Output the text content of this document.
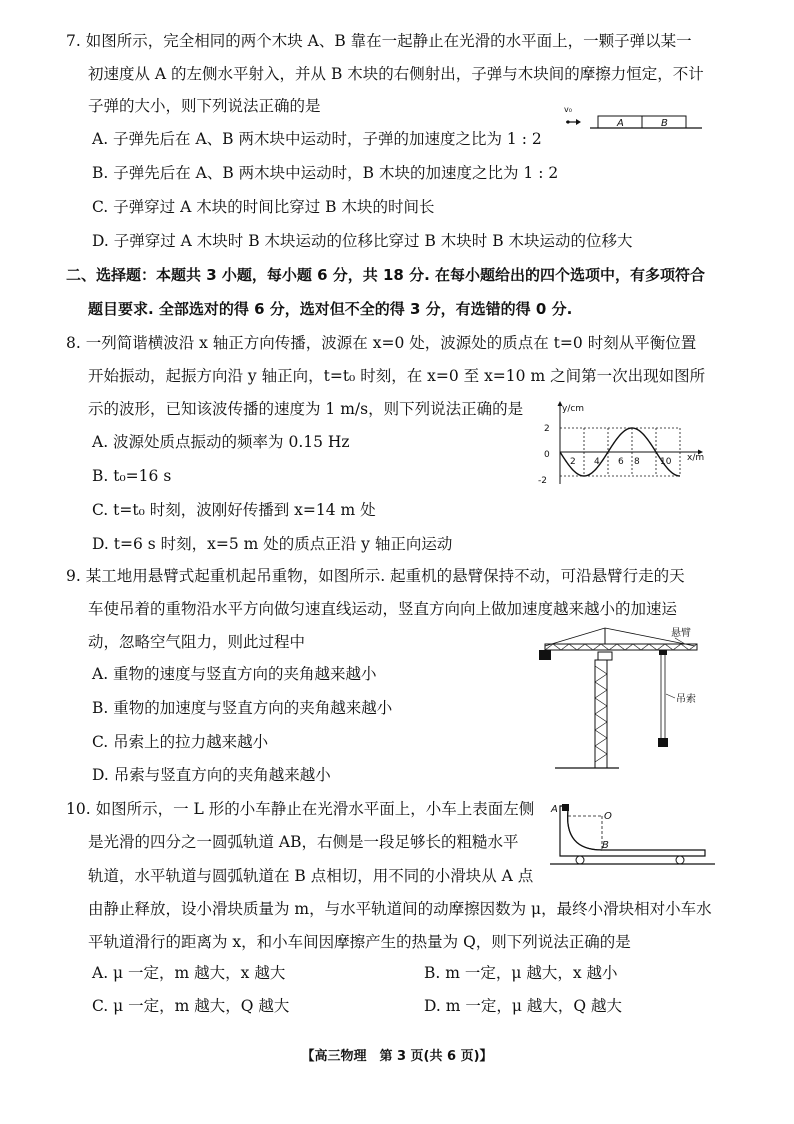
7. 如图所示，完全相同的两个木块 A、B 靠在一起静止在光滑的水平面上，一颗子弹以某一
初速度从 A 的左侧水平射入，并从 B 木块的右侧射出，子弹与木块间的摩擦力恒定，不计
子弹的大小，则下列说法正确的是
A. 子弹先后在 A、B 两木块中运动时，子弹的加速度之比为 1 : 2
B. 子弹先后在 A、B 两木块中运动时，B 木块的加速度之比为 1 : 2
C. 子弹穿过 A 木块的时间比穿过 B 木块的时间长
D. 子弹穿过 A 木块时 B 木块运动的位移比穿过 B 木块时 B 木块运动的位移大
v₀
A	B
二、选择题：本题共 3 小题，每小题 6 分，共 18 分. 在每小题给出的四个选项中，有多项符合
题目要求. 全部选对的得 6 分，选对但不全的得 3 分，有选错的得 0 分.
8. 一列简谐横波沿 x 轴正方向传播，波源在 x=0 处，波源处的质点在 t=0 时刻从平衡位置
开始振动，起振方向沿 y 轴正向，t=t₀ 时刻，在 x=0 至 x=10 m 之间第一次出现如图所
示的波形，已知该波传播的速度为 1 m/s，则下列说法正确的是
A. 波源处质点振动的频率为 0.15 Hz
B. t₀=16 s
C. t=t₀ 时刻，波刚好传播到 x=14 m 处
D. t=6 s 时刻，x=5 m 处的质点正沿 y 轴正向运动
y/cm
x/m
2
0
-2
2 4 6 8 10
9. 某工地用悬臂式起重机起吊重物，如图所示. 起重机的悬臂保持不动，可沿悬臂行走的天
车使吊着的重物沿水平方向做匀速直线运动，竖直方向向上做加速度越来越小的加速运
动，忽略空气阻力，则此过程中
A. 重物的速度与竖直方向的夹角越来越小
B. 重物的加速度与竖直方向的夹角越来越小
C. 吊索上的拉力越来越小
D. 吊索与竖直方向的夹角越来越小
悬臂
吊索
10. 如图所示，一 L 形的小车静止在光滑水平面上，小车上表面左侧
是光滑的四分之一圆弧轨道 AB，右侧是一段足够长的粗糙水平
轨道，水平轨道与圆弧轨道在 B 点相切，用不同的小滑块从 A 点
由静止释放，设小滑块质量为 m，与水平轨道间的动摩擦因数为 μ，最终小滑块相对小车水
平轨道滑行的距离为 x，和小车间因摩擦产生的热量为 Q，则下列说法正确的是
A. μ 一定，m 越大，x 越大	B. m 一定，μ 越大，x 越小
C. μ 一定，m 越大，Q 越大	D. m 一定，μ 越大，Q 越大
A
O
B
【高三物理　第 3 页(共 6 页)】
